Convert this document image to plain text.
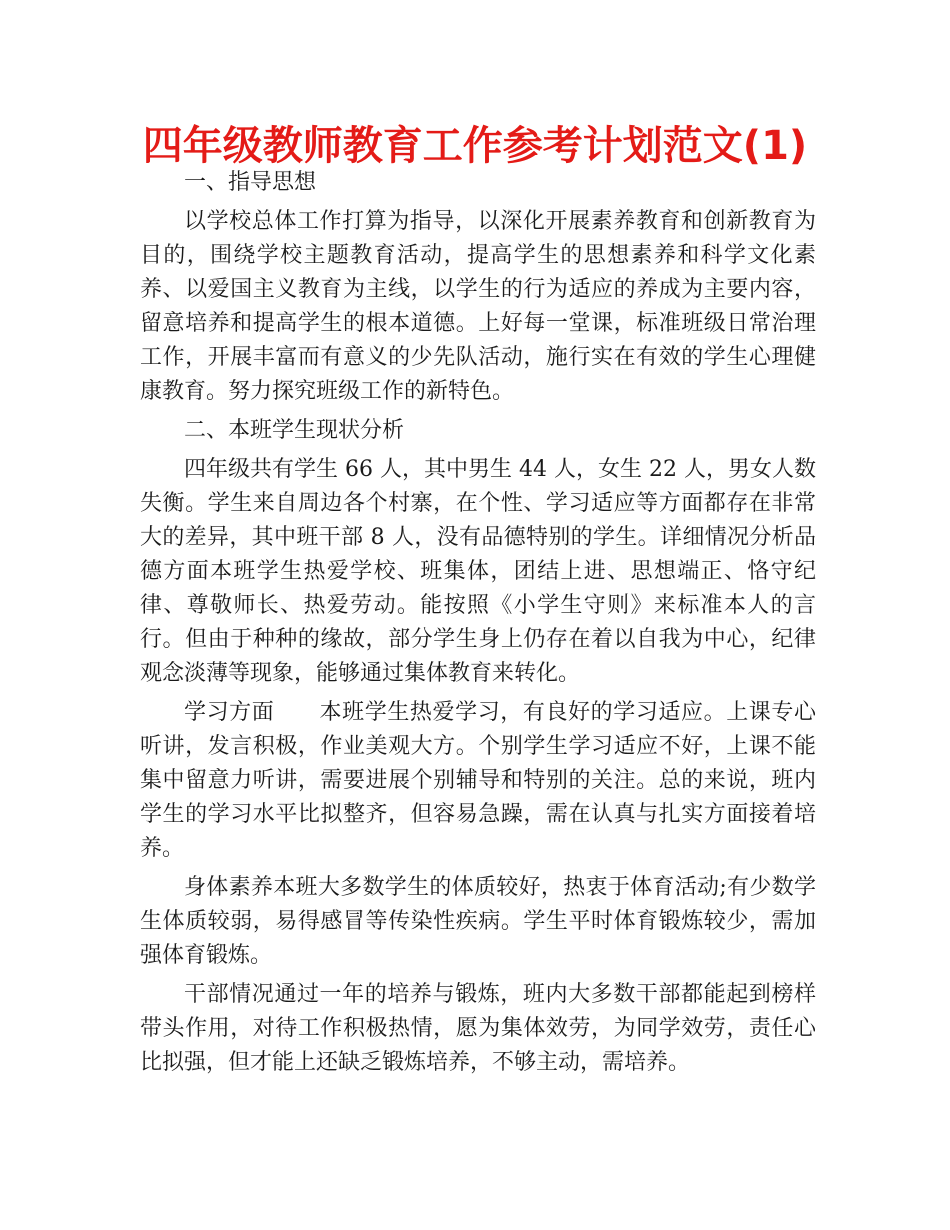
四年级教师教育工作参考计划范文(1)

一、指导思想

以学校总体工作打算为指导，以深化开展素养教育和创新教育为目的，围绕学校主题教育活动，提高学生的思想素养和科学文化素养、以爱国主义教育为主线，以学生的行为适应的养成为主要内容，留意培养和提高学生的根本道德。上好每一堂课，标准班级日常治理工作，开展丰富而有意义的少先队活动，施行实在有效的学生心理健康教育。努力探究班级工作的新特色。

二、本班学生现状分析

四年级共有学生 66 人，其中男生 44 人，女生 22 人，男女人数失衡。学生来自周边各个村寨，在个性、学习适应等方面都存在非常大的差异，其中班干部 8 人，没有品德特别的学生。详细情况分析品德方面本班学生热爱学校、班集体，团结上进、思想端正、恪守纪律、尊敬师长、热爱劳动。能按照《小学生守则》来标准本人的言行。但由于种种的缘故，部分学生身上仍存在着以自我为中心，纪律观念淡薄等现象，能够通过集体教育来转化。

学习方面　　本班学生热爱学习，有良好的学习适应。上课专心听讲，发言积极，作业美观大方。个别学生学习适应不好，上课不能集中留意力听讲，需要进展个别辅导和特别的关注。总的来说，班内学生的学习水平比拟整齐，但容易急躁，需在认真与扎实方面接着培养。

身体素养本班大多数学生的体质较好，热衷于体育活动;有少数学生体质较弱，易得感冒等传染性疾病。学生平时体育锻炼较少，需加强体育锻炼。

干部情况通过一年的培养与锻炼，班内大多数干部都能起到榜样带头作用，对待工作积极热情，愿为集体效劳，为同学效劳，责任心比拟强，但才能上还缺乏锻炼培养，不够主动，需培养。
